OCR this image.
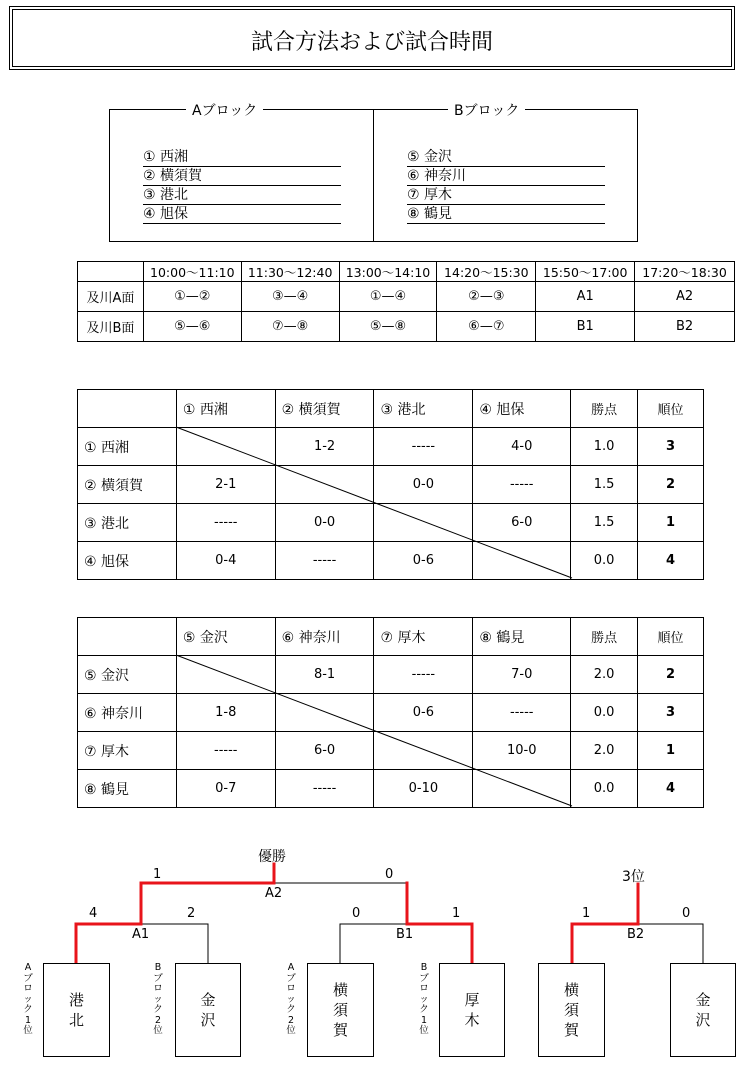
試合方法および試合時間
Aブロック	Bブロック
① 西湘
② 横須賀
③ 港北
④ 旭保
⑤ 金沢
⑥ 神奈川
⑦ 厚木
⑧ 鶴見
	10:00～11:10	11:30～12:40	13:00～14:10	14:20～15:30	15:50～17:00	17:20～18:30
及川A面	①—②	③—④	①—④	②—③	A1	A2
及川B面	⑤—⑥	⑦—⑧	⑤—⑧	⑥—⑦	B1	B2
	① 西湘	② 横須賀	③ 港北	④ 旭保	勝点	順位
① 西湘		1-2	-----	4-0	1.0	3
② 横須賀	2-1		0-0	-----	1.5	2
③ 港北	-----	0-0		6-0	1.5	1
④ 旭保	0-4	-----	0-6		0.0	4
	⑤ 金沢	⑥ 神奈川	⑦ 厚木	⑧ 鶴見	勝点	順位
⑤ 金沢		8-1	-----	7-0	2.0	2
⑥ 神奈川	1-8		0-6	-----	0.0	3
⑦ 厚木	-----	6-0		10-0	2.0	1
⑧ 鶴見	0-7	-----	0-10		0.0	4
優勝
3位
1	0
A2
4	2
A1
0	1
B1
1	0
B2
港
北
金
沢
横
須
賀
厚
木
横
須
賀
金
沢
A
ブ
ロ
ッ
ク
1
位
B
ブ
ロ
ッ
ク
2
位
A
ブ
ロ
ッ
ク
2
位
B
ブ
ロ
ッ
ク
1
位
